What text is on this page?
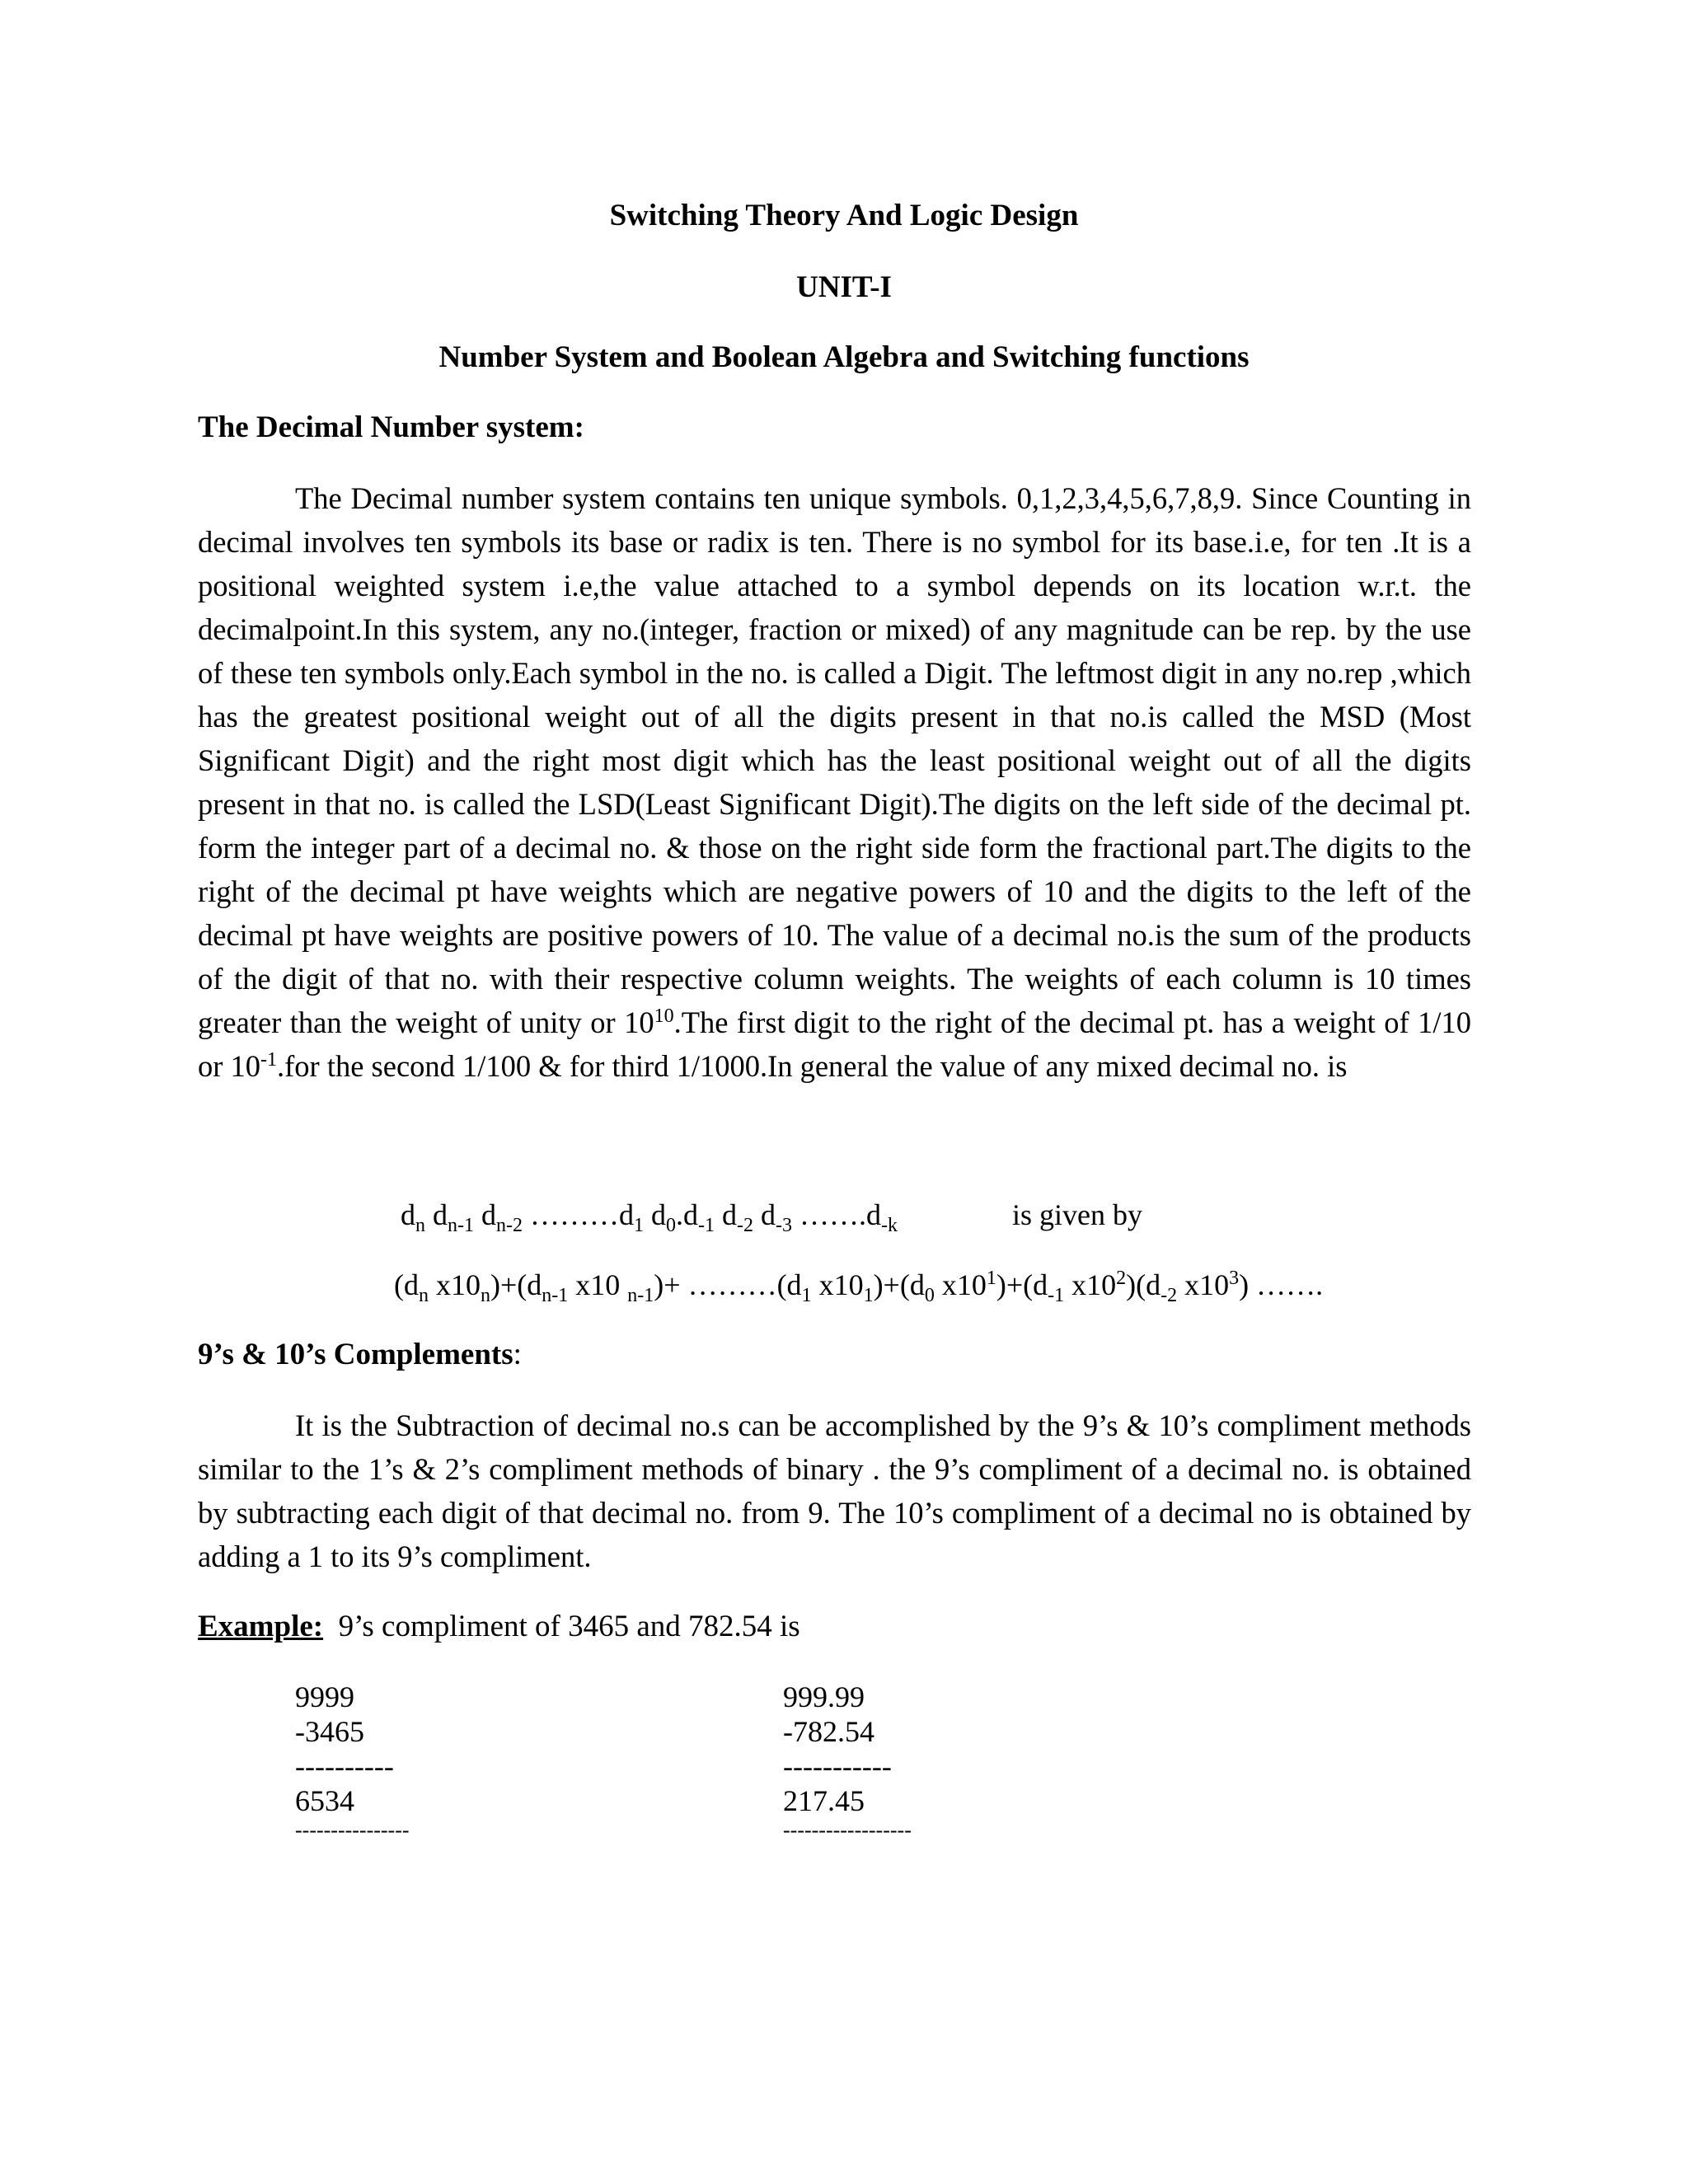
Switching Theory And Logic Design
UNIT-I
Number System and Boolean Algebra and Switching functions
The Decimal Number system:

The Decimal number system contains ten unique symbols. 0,1,2,3,4,5,6,7,8,9. Since Counting in decimal involves ten symbols its base or radix is ten. There is no symbol for its base.i.e, for ten .It is a positional weighted system i.e,the value attached to a symbol depends on its location w.r.t. the decimalpoint.In this system, any no.(integer, fraction or mixed) of any magnitude can be rep. by the use of these ten symbols only.Each symbol in the no. is called a Digit. The leftmost digit in any no.rep ,which has the greatest positional weight out of all the digits present in that no.is called the MSD (Most Significant Digit) and the right most digit which has the least positional weight out of all the digits present in that no. is called the LSD(Least Significant Digit).The digits on the left side of the decimal pt. form the integer part of a decimal no. & those on the right side form the fractional part.The digits to the right of the decimal pt have weights which are negative powers of 10 and the digits to the left of the decimal pt have weights are positive powers of 10. The value of a decimal no.is the sum of the products of the digit of that no. with their respective column weights. The weights of each column is 10 times greater than the weight of unity or $10^{10}.The$ first digit to the right of the decimal pt. has a weight of 1/10 or $10^{-1}.for$ the second 1/100 & for third 1/1000.In general the value of any mixed decimal no. is

$d_n$ $d_{n-1}$ $d_{n-2}$ $\dots\dots\dots d_1$ $d_0.d_{-1}$ $d_{-2}$ $d_{-3}$ $\dots\dots.d_{-k}$	is given by
($d_n$ $x10_n)+(d_{n-1}$ x10 $_{n-1})+ \dots\dots\dots(d_1$ $x10_1)+(d_0$ $x10^1)+(d_{-1}$ $x10^2)(d_{-2}$ $x10^3$) …….
9’s & 10’s Complements:

It is the Subtraction of decimal no.s can be accomplished by the 9’s & 10’s compliment methods similar to the 1’s & 2’s compliment methods of binary . the 9’s compliment of a decimal no. is obtained by subtracting each digit of that decimal no. from 9. The 10’s compliment of a decimal no is obtained by adding a 1 to its 9’s compliment.

Example: 9’s compliment of 3465 and 782.54 is
9999
-3465
----------
6534
----------------
999.99
-782.54
-----------
217.45
------------------
